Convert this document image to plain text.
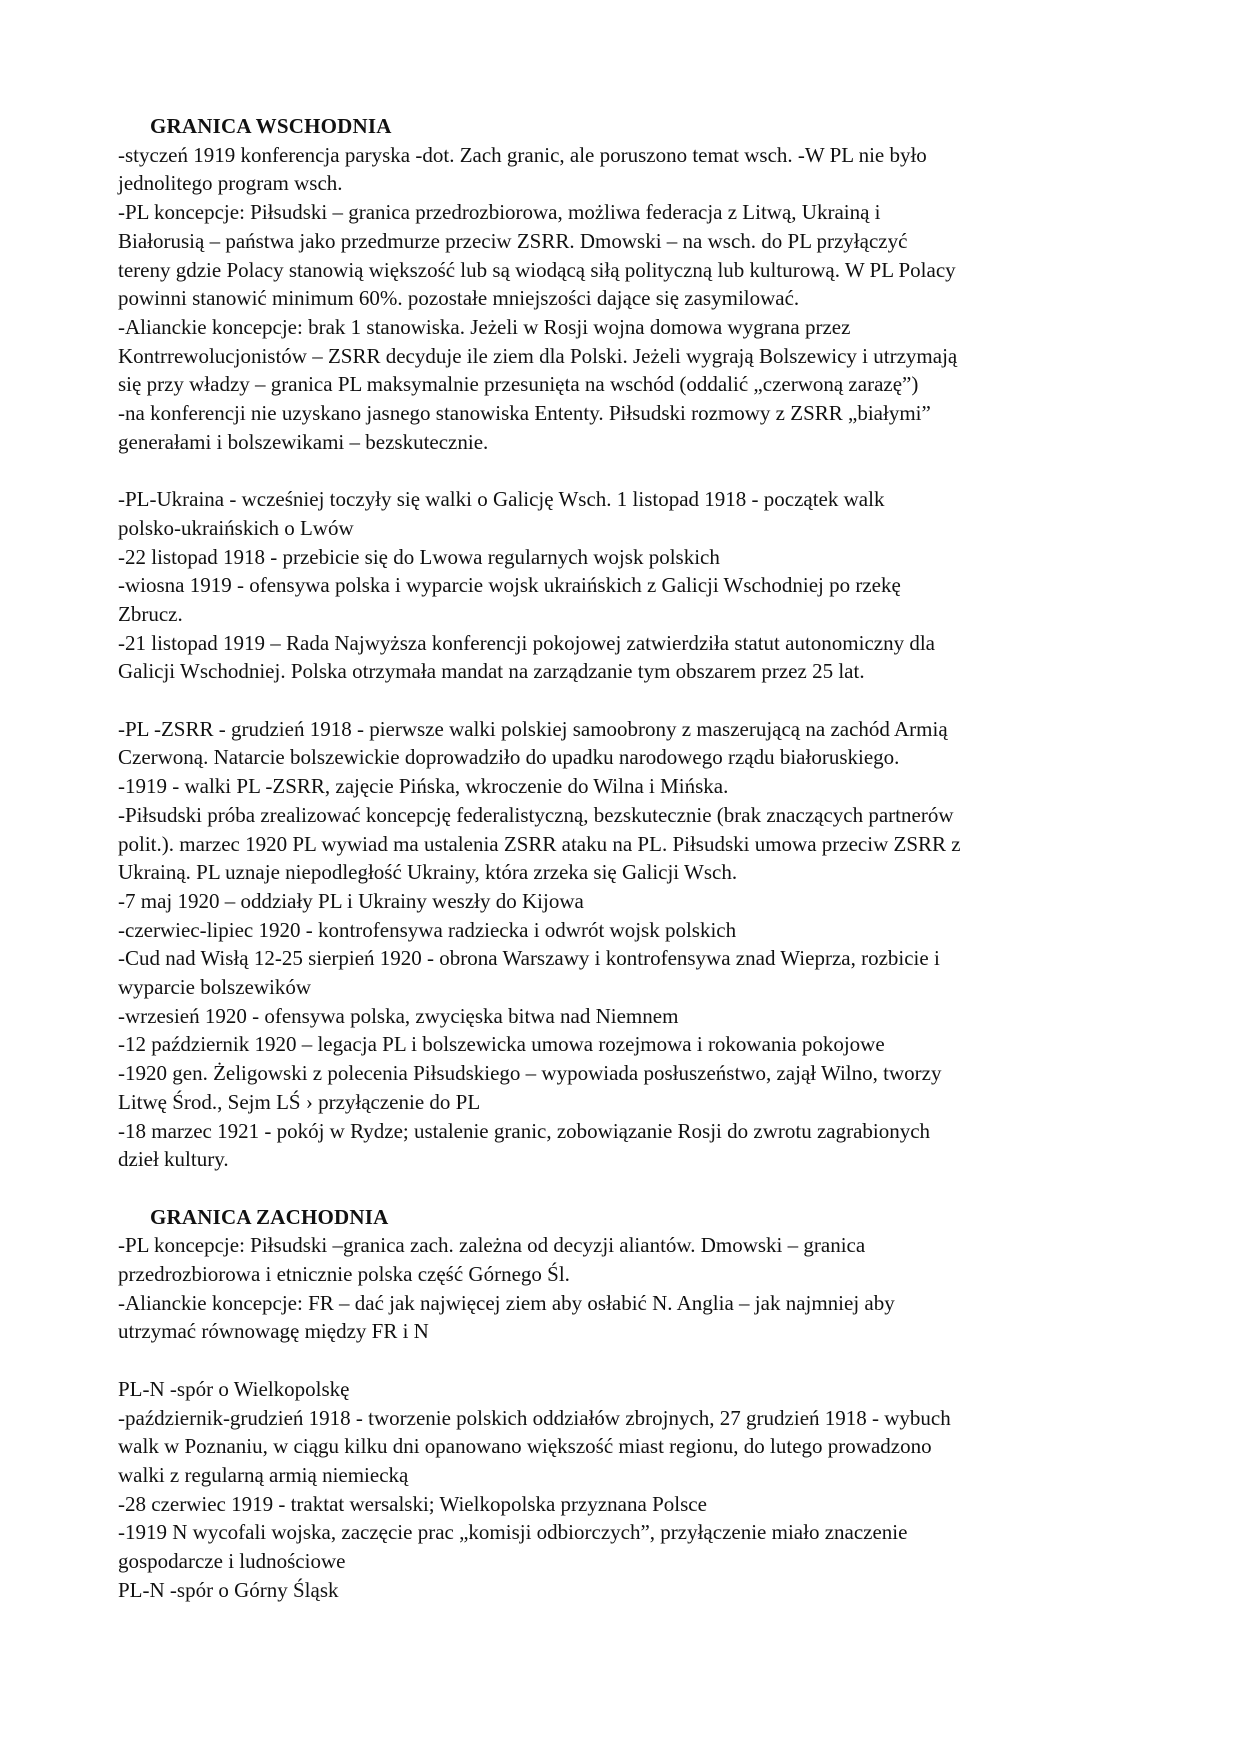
GRANICA WSCHODNIA
-styczeń 1919 konferencja paryska -dot. Zach granic, ale poruszono temat wsch. -W PL nie było
jednolitego program wsch.
-PL koncepcje: Piłsudski – granica przedrozbiorowa, możliwa federacja z Litwą, Ukrainą i
Białorusią – państwa jako przedmurze przeciw ZSRR. Dmowski – na wsch. do PL przyłączyć
tereny gdzie Polacy stanowią większość lub są wiodącą siłą polityczną lub kulturową. W PL Polacy
powinni stanowić minimum 60%. pozostałe mniejszości dające się zasymilować.
-Alianckie koncepcje: brak 1 stanowiska. Jeżeli w Rosji wojna domowa wygrana przez
Kontrrewolucjonistów – ZSRR decyduje ile ziem dla Polski. Jeżeli wygrają Bolszewicy i utrzymają
się przy władzy – granica PL maksymalnie przesunięta na wschód (oddalić „czerwoną zarazę”)
-na konferencji nie uzyskano jasnego stanowiska Ententy. Piłsudski rozmowy z ZSRR „białymi”
generałami i bolszewikami – bezskutecznie.
-PL-Ukraina - wcześniej toczyły się walki o Galicję Wsch. 1 listopad 1918 - początek walk
polsko-ukraińskich o Lwów
-22 listopad 1918 - przebicie się do Lwowa regularnych wojsk polskich
-wiosna 1919 - ofensywa polska i wyparcie wojsk ukraińskich z Galicji Wschodniej po rzekę
Zbrucz.
-21 listopad 1919 – Rada Najwyższa konferencji pokojowej zatwierdziła statut autonomiczny dla
Galicji Wschodniej. Polska otrzymała mandat na zarządzanie tym obszarem przez 25 lat.
-PL -ZSRR - grudzień 1918 - pierwsze walki polskiej samoobrony z maszerującą na zachód Armią
Czerwoną. Natarcie bolszewickie doprowadziło do upadku narodowego rządu białoruskiego.
-1919 - walki PL -ZSRR, zajęcie Pińska, wkroczenie do Wilna i Mińska.
-Piłsudski próba zrealizować koncepcję federalistyczną, bezskutecznie (brak znaczących partnerów
polit.). marzec 1920 PL wywiad ma ustalenia ZSRR ataku na PL. Piłsudski umowa przeciw ZSRR z
Ukrainą. PL uznaje niepodległość Ukrainy, która zrzeka się Galicji Wsch.
-7 maj 1920 – oddziały PL i Ukrainy weszły do Kijowa
-czerwiec-lipiec 1920 - kontrofensywa radziecka i odwrót wojsk polskich
-Cud nad Wisłą 12-25 sierpień 1920 - obrona Warszawy i kontrofensywa znad Wieprza, rozbicie i
wyparcie bolszewików
-wrzesień 1920 - ofensywa polska, zwycięska bitwa nad Niemnem
-12 październik 1920 – legacja PL i bolszewicka umowa rozejmowa i rokowania pokojowe
-1920 gen. Żeligowski z polecenia Piłsudskiego – wypowiada posłuszeństwo, zajął Wilno, tworzy
Litwę Środ., Sejm LŚ › przyłączenie do PL
-18 marzec 1921 - pokój w Rydze; ustalenie granic, zobowiązanie Rosji do zwrotu zagrabionych
dzieł kultury.
GRANICA ZACHODNIA
-PL koncepcje: Piłsudski –granica zach. zależna od decyzji aliantów. Dmowski – granica
przedrozbiorowa i etnicznie polska część Górnego Śl.
-Alianckie koncepcje: FR – dać jak najwięcej ziem aby osłabić N. Anglia – jak najmniej aby
utrzymać równowagę między FR i N
PL-N -spór o Wielkopolskę
-październik-grudzień 1918 - tworzenie polskich oddziałów zbrojnych, 27 grudzień 1918 - wybuch
walk w Poznaniu, w ciągu kilku dni opanowano większość miast regionu, do lutego prowadzono
walki z regularną armią niemiecką
-28 czerwiec 1919 - traktat wersalski; Wielkopolska przyznana Polsce
-1919 N wycofali wojska, zaczęcie prac „komisji odbiorczych”, przyłączenie miało znaczenie
gospodarcze i ludnościowe
PL-N -spór o Górny Śląsk
